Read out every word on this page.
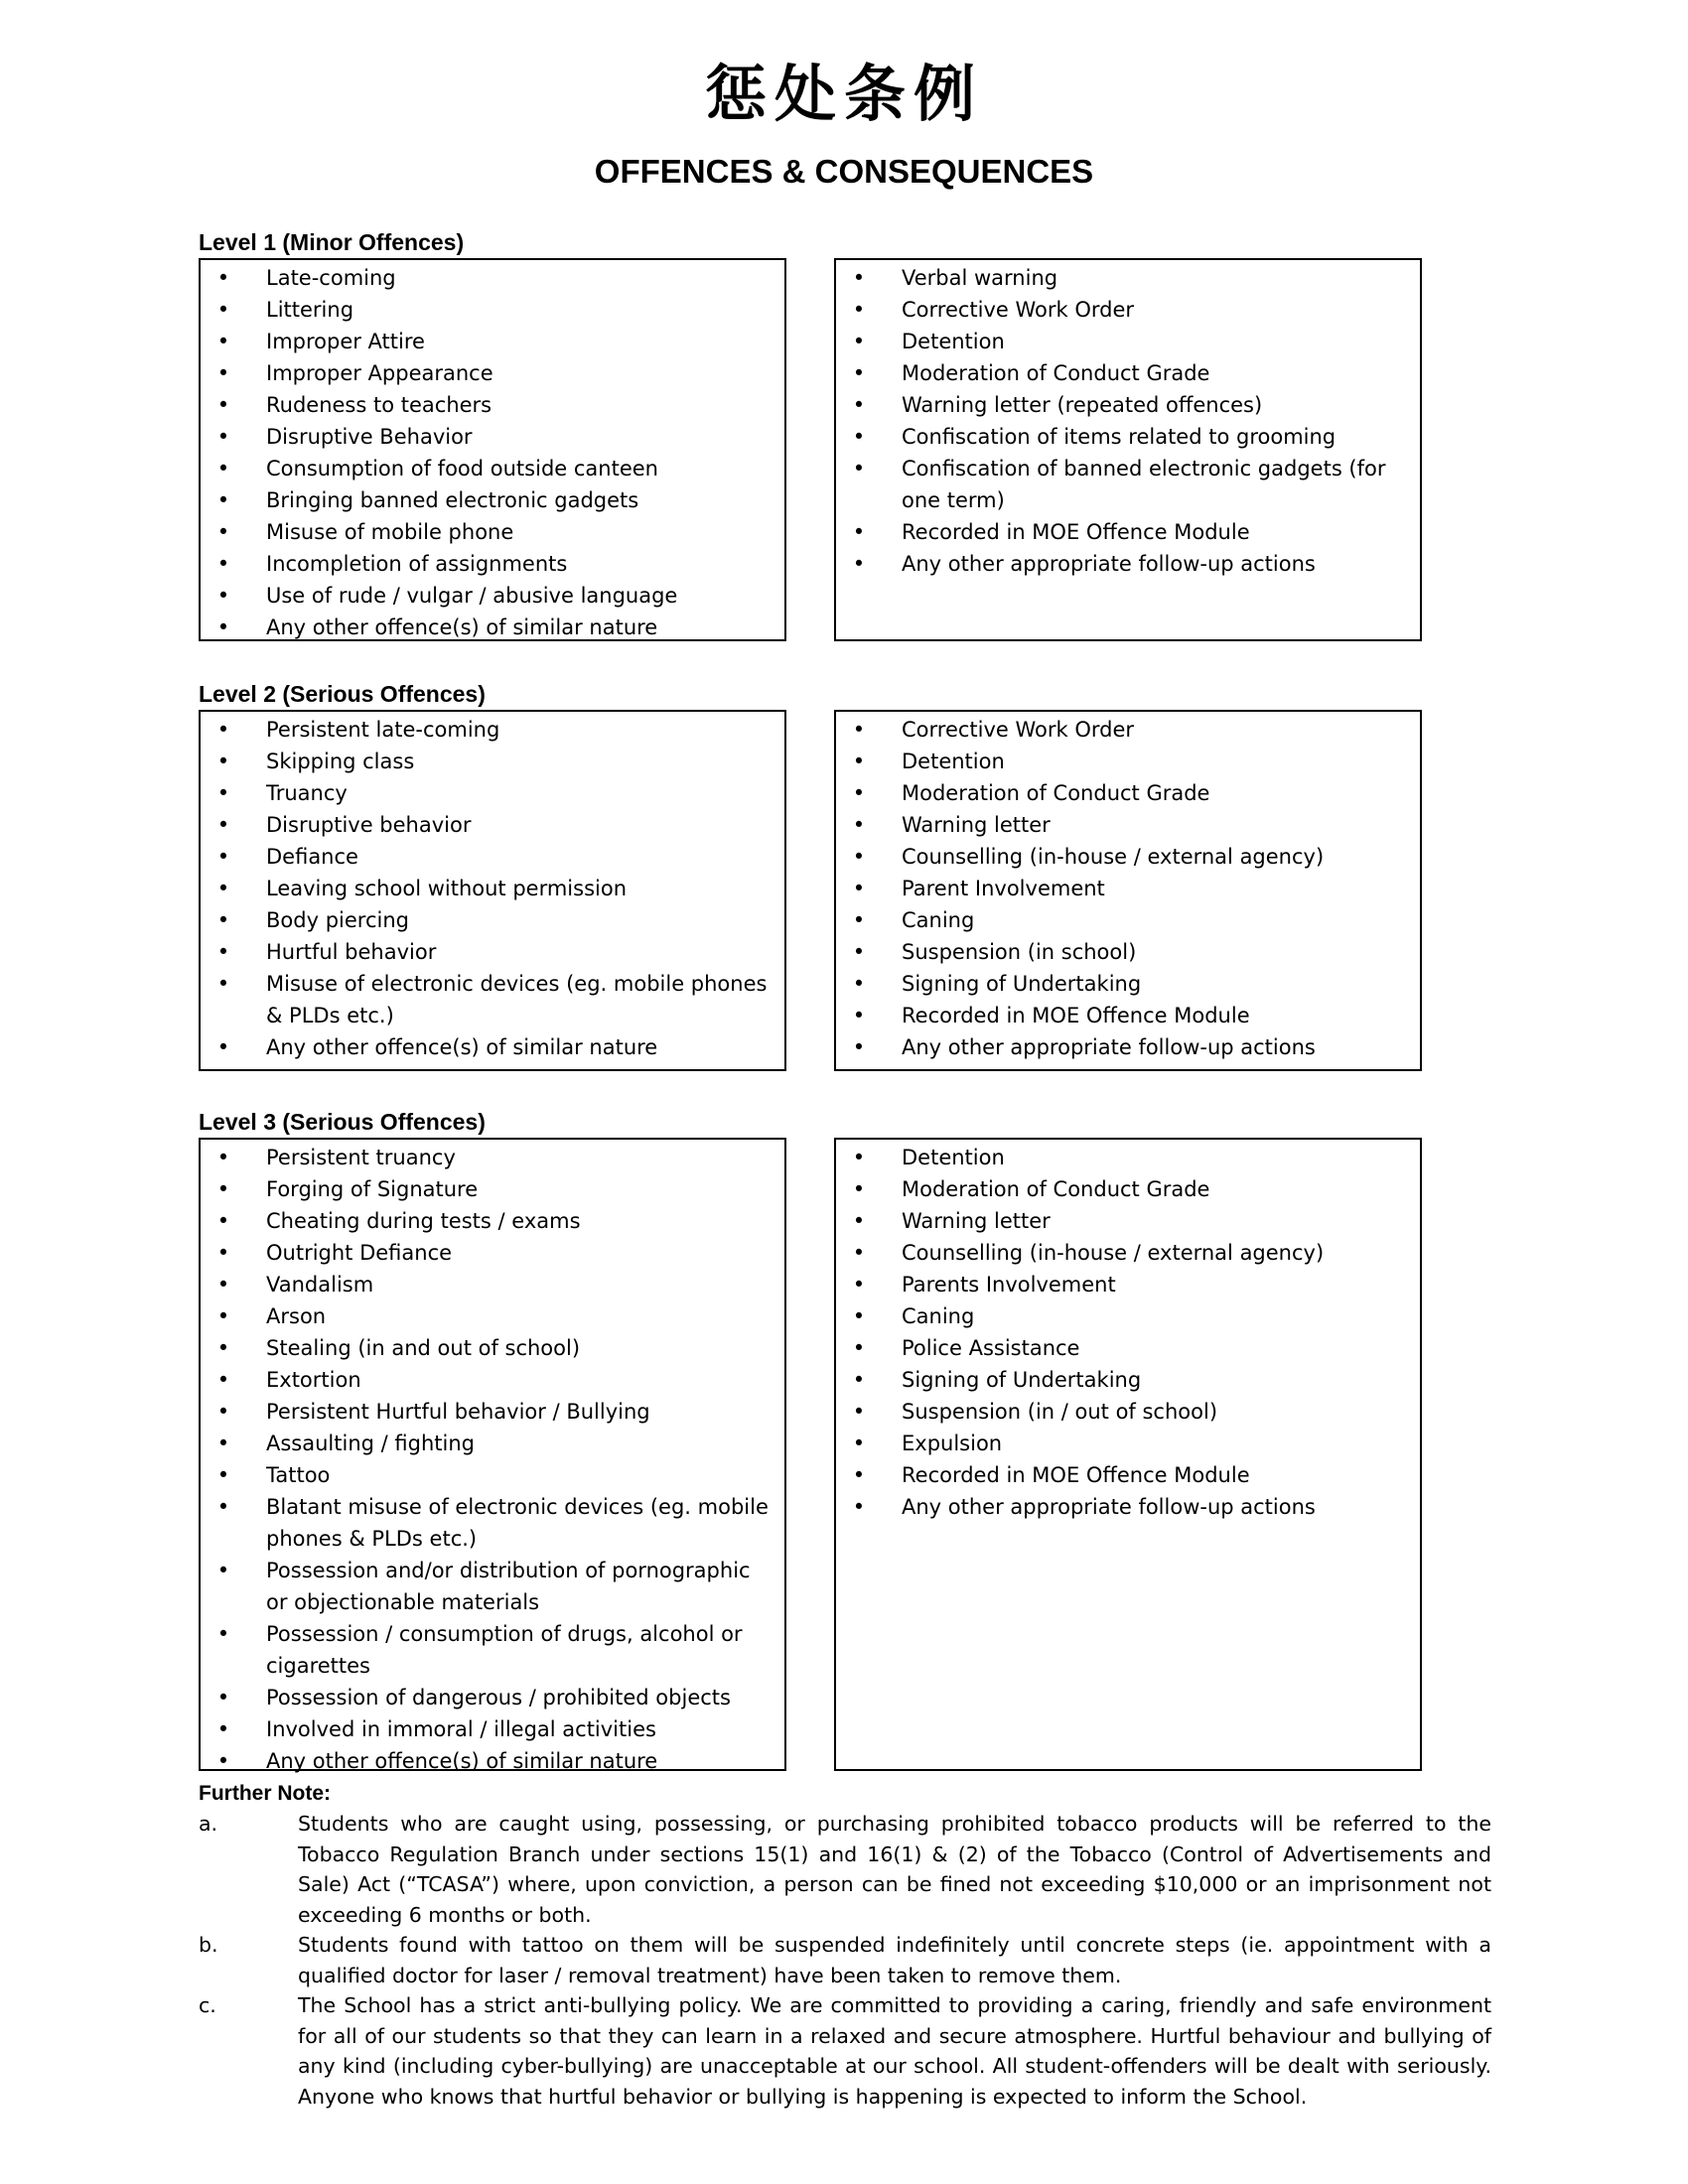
惩处条例
OFFENCES & CONSEQUENCES
Level 1 (Minor Offences)
• Late-coming
• Littering
• Improper Attire
• Improper Appearance
• Rudeness to teachers
• Disruptive Behavior
• Consumption of food outside canteen
• Bringing banned electronic gadgets
• Misuse of mobile phone
• Incompletion of assignments
• Use of rude / vulgar / abusive language
• Any other offence(s) of similar nature
• Verbal warning
• Corrective Work Order
• Detention
• Moderation of Conduct Grade
• Warning letter (repeated offences)
• Confiscation of items related to grooming
• Confiscation of banned electronic gadgets (for one term)
• Recorded in MOE Offence Module
• Any other appropriate follow-up actions
Level 2 (Serious Offences)
• Persistent late-coming
• Skipping class
• Truancy
• Disruptive behavior
• Defiance
• Leaving school without permission
• Body piercing
• Hurtful behavior
• Misuse of electronic devices (eg. mobile phones & PLDs etc.)
• Any other offence(s) of similar nature
• Corrective Work Order
• Detention
• Moderation of Conduct Grade
• Warning letter
• Counselling (in-house / external agency)
• Parent Involvement
• Caning
• Suspension (in school)
• Signing of Undertaking
• Recorded in MOE Offence Module
• Any other appropriate follow-up actions
Level 3 (Serious Offences)
• Persistent truancy
• Forging of Signature
• Cheating during tests / exams
• Outright Defiance
• Vandalism
• Arson
• Stealing (in and out of school)
• Extortion
• Persistent Hurtful behavior / Bullying
• Assaulting / fighting
• Tattoo
• Blatant misuse of electronic devices (eg. mobile phones & PLDs etc.)
• Possession and/or distribution of pornographic or objectionable materials
• Possession / consumption of drugs, alcohol or cigarettes
• Possession of dangerous / prohibited objects
• Involved in immoral / illegal activities
• Any other offence(s) of similar nature
• Detention
• Moderation of Conduct Grade
• Warning letter
• Counselling (in-house / external agency)
• Parents Involvement
• Caning
• Police Assistance
• Signing of Undertaking
• Suspension (in / out of school)
• Expulsion
• Recorded in MOE Offence Module
• Any other appropriate follow-up actions
Further Note:
a.	Students who are caught using, possessing, or purchasing prohibited tobacco products will be referred to the Tobacco Regulation Branch under sections 15(1) and 16(1) & (2) of the Tobacco (Control of Advertisements and Sale) Act (“TCASA”) where, upon conviction, a person can be fined not exceeding $10,000 or an imprisonment not exceeding 6 months or both.
b.	Students found with tattoo on them will be suspended indefinitely until concrete steps (ie. appointment with a qualified doctor for laser / removal treatment) have been taken to remove them.
c.	The School has a strict anti-bullying policy. We are committed to providing a caring, friendly and safe environment for all of our students so that they can learn in a relaxed and secure atmosphere. Hurtful behaviour and bullying of any kind (including cyber-bullying) are unacceptable at our school. All student-offenders will be dealt with seriously. Anyone who knows that hurtful behavior or bullying is happening is expected to inform the School.
